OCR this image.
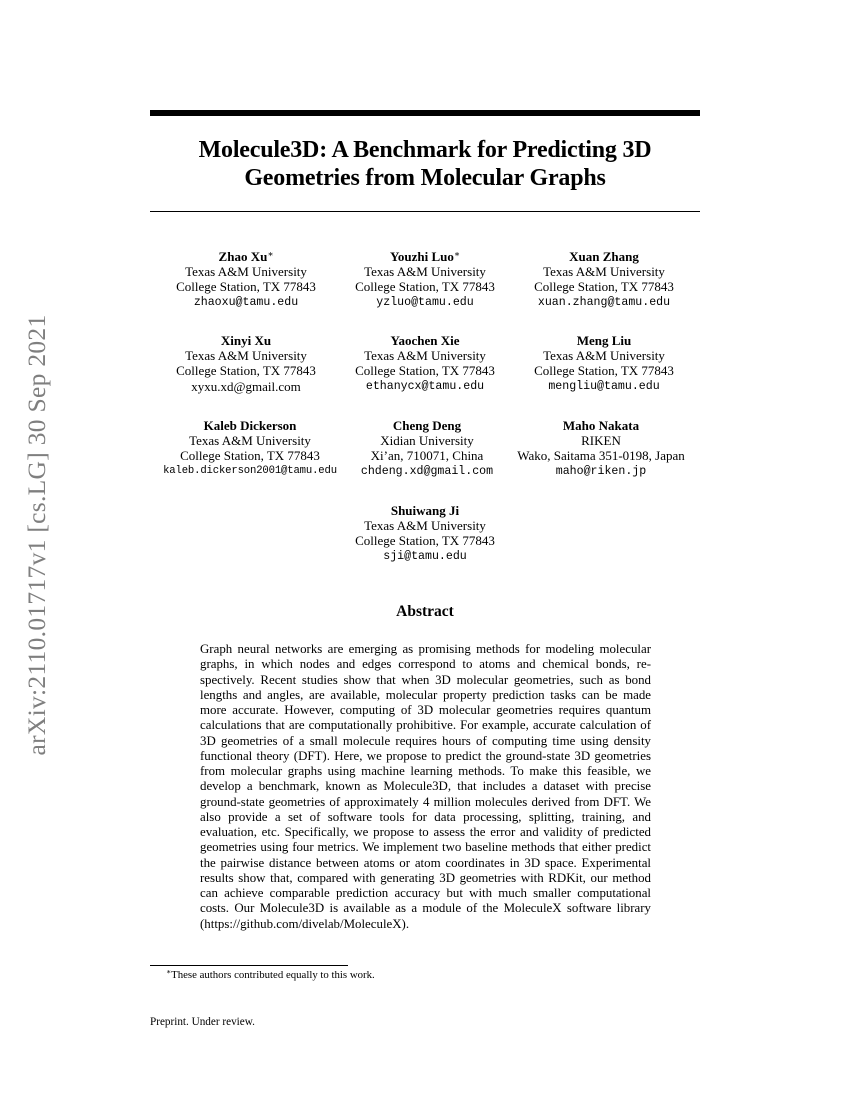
arXiv:2110.01717v1 [cs.LG] 30 Sep 2021
Molecule3D: A Benchmark for Predicting 3D
Geometries from Molecular Graphs
Zhao Xu∗
Texas A&M University
College Station, TX 77843
zhaoxu@tamu.edu
Youzhi Luo∗
Texas A&M University
College Station, TX 77843
yzluo@tamu.edu
Xuan Zhang
Texas A&M University
College Station, TX 77843
xuan.zhang@tamu.edu
Xinyi Xu
Texas A&M University
College Station, TX 77843
xyxu.xd@gmail.com
Yaochen Xie
Texas A&M University
College Station, TX 77843
ethanycx@tamu.edu
Meng Liu
Texas A&M University
College Station, TX 77843
mengliu@tamu.edu
Kaleb Dickerson
Texas A&M University
College Station, TX 77843
kaleb.dickerson2001@tamu.edu
Cheng Deng
Xidian University
Xi’an, 710071, China
chdeng.xd@gmail.com
Maho Nakata
RIKEN
Wako, Saitama 351-0198, Japan
maho@riken.jp
Shuiwang Ji
Texas A&M University
College Station, TX 77843
sji@tamu.edu
Abstract
Graph neural networks are emerging as promising methods for modeling molecular graphs, in which nodes and edges correspond to atoms and chemical bonds, respectively. Recent studies show that when 3D molecular geometries, such as bond lengths and angles, are available, molecular property prediction tasks can be made more accurate. However, computing of 3D molecular geometries requires quantum calculations that are computationally prohibitive. For example, accurate calculation of 3D geometries of a small molecule requires hours of computing time using density functional theory (DFT). Here, we propose to predict the ground-state 3D geometries from molecular graphs using machine learning methods. To make this feasible, we develop a benchmark, known as Molecule3D, that includes a dataset with precise ground-state geometries of approximately 4 million molecules derived from DFT. We also provide a set of software tools for data processing, splitting, training, and evaluation, etc. Specifically, we propose to assess the error and validity of predicted geometries using four metrics. We implement two baseline methods that either predict the pairwise distance between atoms or atom coordinates in 3D space. Experimental results show that, compared with generating 3D geometries with RDKit, our method can achieve comparable prediction accuracy but with much smaller computational costs. Our Molecule3D is available as a module of the MoleculeX software library (https://github.com/divelab/MoleculeX).
∗These authors contributed equally to this work.
Preprint. Under review.
